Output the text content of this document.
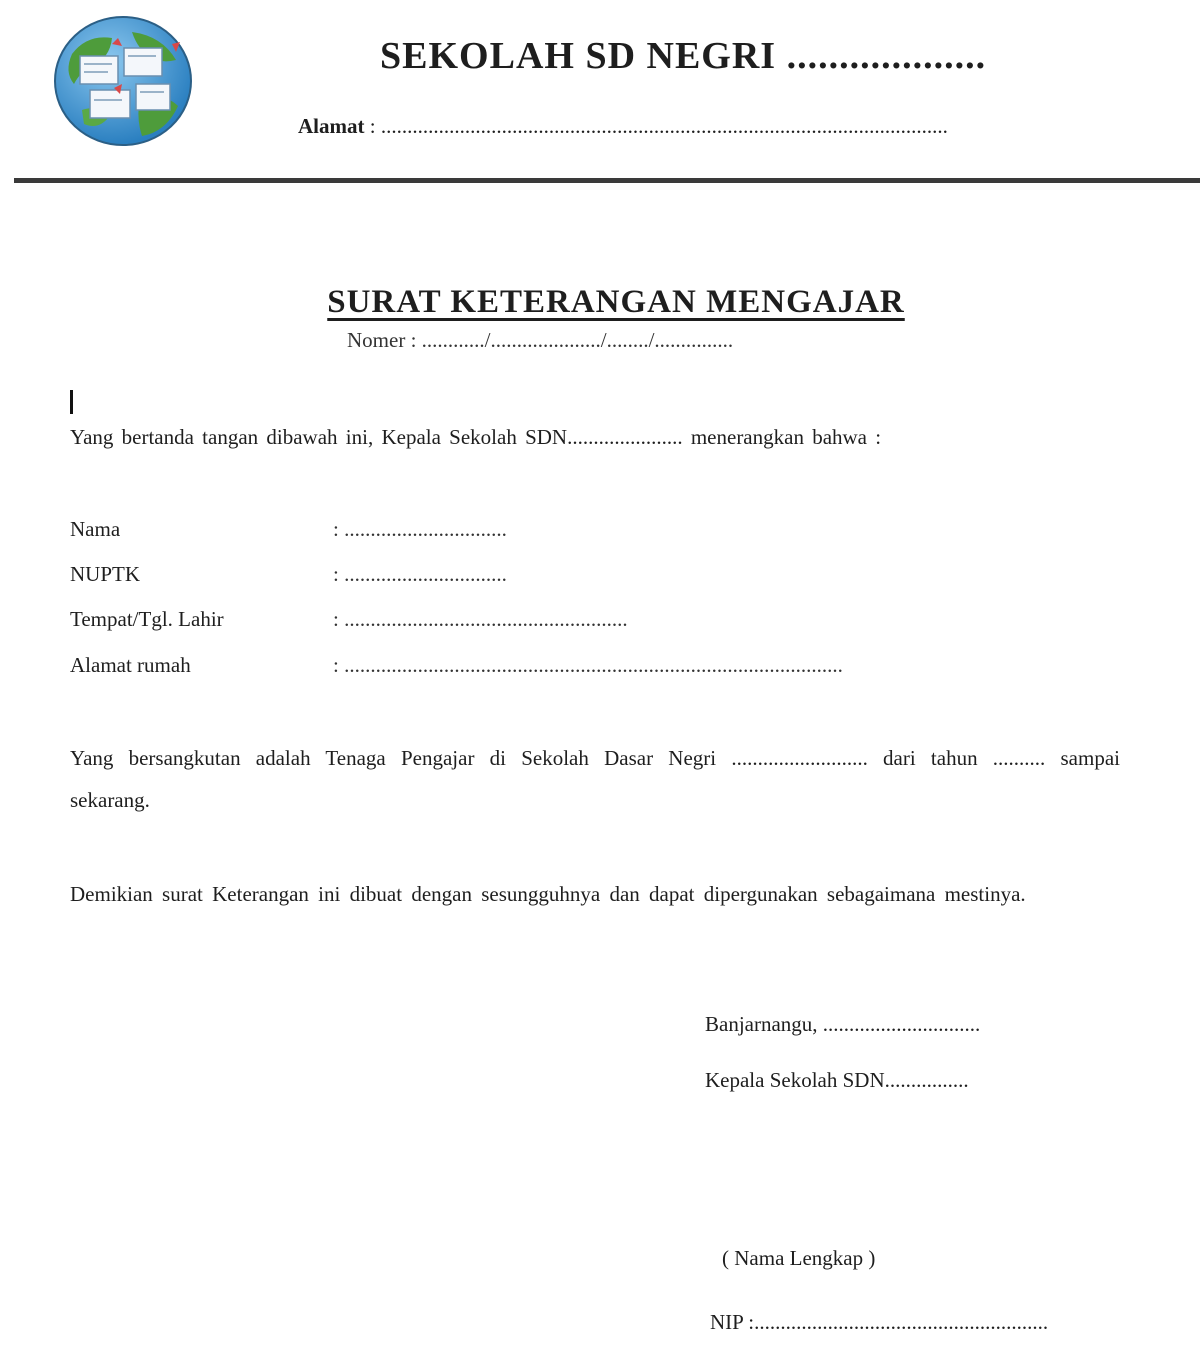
SEKOLAH SD NEGRI ...................
Alamat : ............................................................................................................
SURAT KETERANGAN MENGAJAR
Nomer : ............/...................../......../...............
Yang bertanda tangan dibawah ini, Kepala Sekolah SDN...................... menerangkan bahwa :
Nama	: ...............................
NUPTK	: ...............................
Tempat/Tgl. Lahir	: ......................................................
Alamat rumah	: ...............................................................................................

Yang bersangkutan adalah Tenaga Pengajar di Sekolah Dasar Negri .......................... dari tahun .......... sampai sekarang.

Demikian surat Keterangan ini dibuat dengan sesungguhnya dan dapat dipergunakan sebagaimana mestinya.

Banjarnangu, ..............................
Kepala Sekolah SDN................
( Nama Lengkap )
NIP :........................................................
